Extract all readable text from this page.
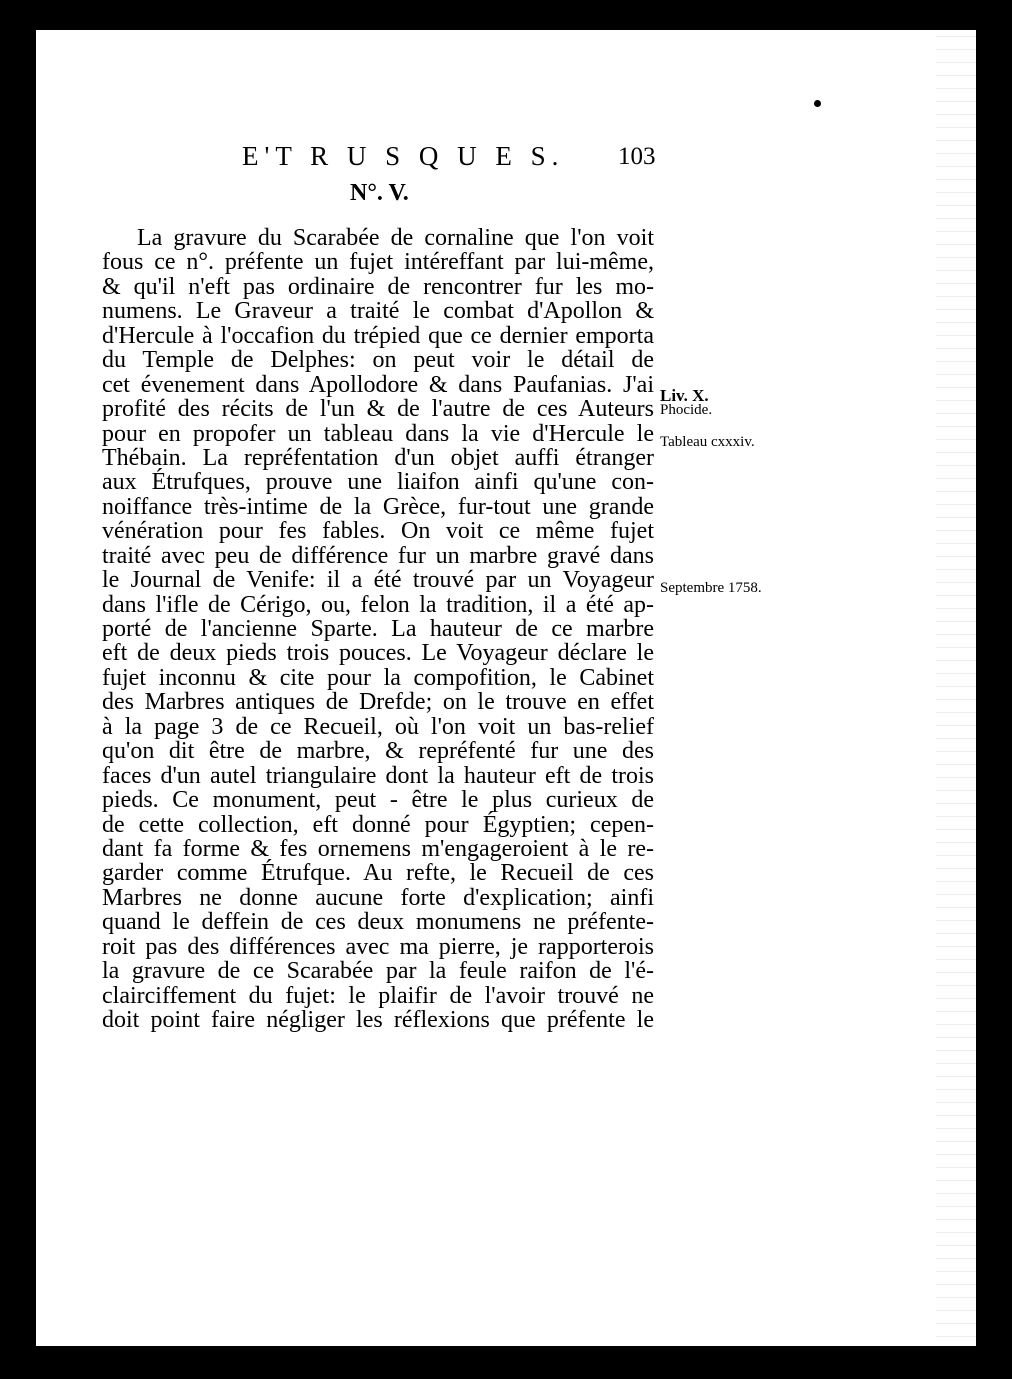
E'T R U S Q U E S. 103
N°. V.
La gravure du Scarabée de cornaline que l'on voit
fous ce n°. préfente un fujet intéreffant par lui-même,
& qu'il n'eft pas ordinaire de rencontrer fur les mo-
numens. Le Graveur a traité le combat d'Apollon &
d'Hercule à l'occafion du trépied que ce dernier emporta
du Temple de Delphes: on peut voir le détail de
cet évenement dans Apollodore & dans Paufanias. J'ai
profité des récits de l'un & de l'autre de ces Auteurs
pour en propofer un tableau dans la vie d'Hercule le
Thébain. La repréfentation d'un objet auffi étranger
aux Étrufques, prouve une liaifon ainfi qu'une con-
noiffance très-intime de la Grèce, fur-tout une grande
vénération pour fes fables. On voit ce même fujet
traité avec peu de différence fur un marbre gravé dans
le Journal de Venife: il a été trouvé par un Voyageur
dans l'ifle de Cérigo, ou, felon la tradition, il a été ap-
porté de l'ancienne Sparte. La hauteur de ce marbre
eft de deux pieds trois pouces. Le Voyageur déclare le
fujet inconnu & cite pour la compofition, le Cabinet
des Marbres antiques de Drefde; on le trouve en effet
à la page 3 de ce Recueil, où l'on voit un bas-relief
qu'on dit être de marbre, & repréfenté fur une des
faces d'un autel triangulaire dont la hauteur eft de trois
pieds. Ce monument, peut - être le plus curieux de
de cette collection, eft donné pour Égyptien; cepen-
dant fa forme & fes ornemens m'engageroient à le re-
garder comme Étrufque. Au refte, le Recueil de ces
Marbres ne donne aucune forte d'explication; ainfi
quand le deffein de ces deux monumens ne préfente-
roit pas des différences avec ma pierre, je rapporterois
la gravure de ce Scarabée par la feule raifon de l'é-
clairciffement du fujet: le plaifir de l'avoir trouvé ne
doit point faire négliger les réflexions que préfente le
Liv. X.
Phocide.
Tableau cxxxiv.
Septembre 1758.
